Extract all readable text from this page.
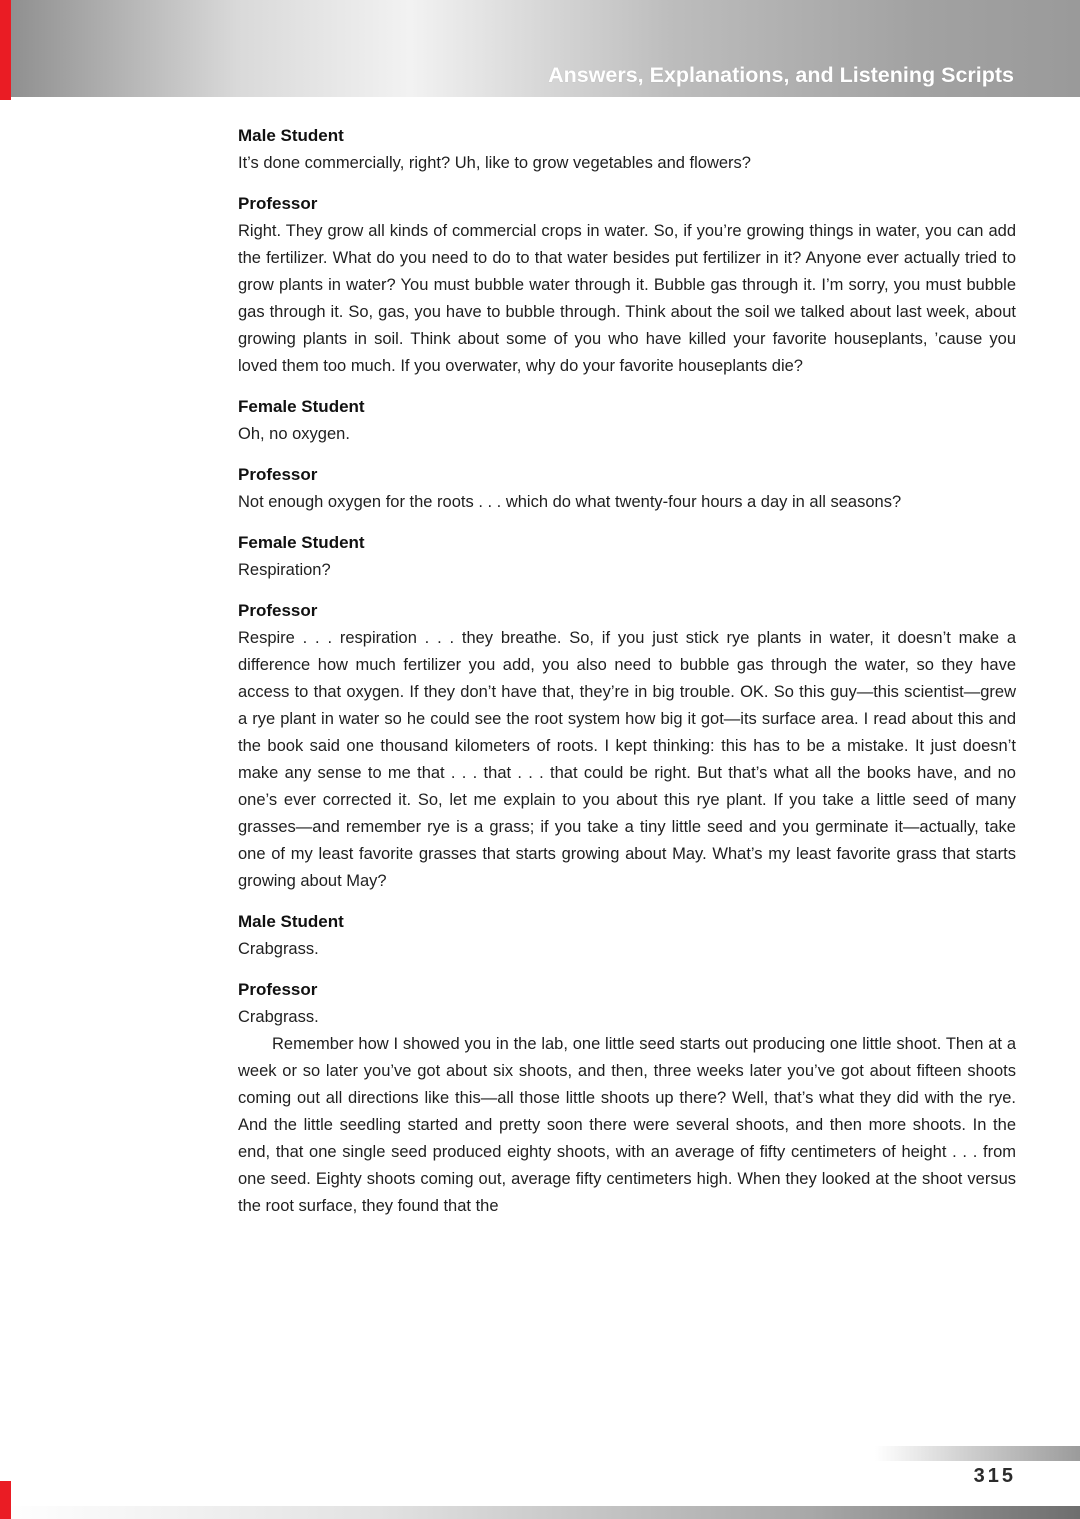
Answers, Explanations, and Listening Scripts
Male Student

It’s done commercially, right? Uh, like to grow vegetables and flowers?

Professor

Right. They grow all kinds of commercial crops in water. So, if you’re growing things in water, you can add the fertilizer. What do you need to do to that water besides put fertilizer in it? Anyone ever actually tried to grow plants in water? You must bubble water through it. Bubble gas through it. I’m sorry, you must bubble gas through it. So, gas, you have to bubble through. Think about the soil we talked about last week, about growing plants in soil. Think about some of you who have killed your favorite houseplants, ’cause you loved them too much. If you overwater, why do your favorite houseplants die?

Female Student

Oh, no oxygen.

Professor

Not enough oxygen for the roots . . . which do what twenty-four hours a day in all seasons?

Female Student

Respiration?

Professor

Respire . . . respiration . . . they breathe. So, if you just stick rye plants in water, it doesn’t make a difference how much fertilizer you add, you also need to bubble gas through the water, so they have access to that oxygen. If they don’t have that, they’re in big trouble. OK. So this guy—this scientist—grew a rye plant in water so he could see the root system how big it got—its surface area. I read about this and the book said one thousand kilometers of roots. I kept thinking: this has to be a mistake. It just doesn’t make any sense to me that . . . that . . . that could be right. But that’s what all the books have, and no one’s ever corrected it. So, let me explain to you about this rye plant. If you take a little seed of many grasses—and remember rye is a grass; if you take a tiny little seed and you germinate it—actually, take one of my least favorite grasses that starts growing about May. What’s my least favorite grass that starts growing about May?

Male Student

Crabgrass.

Professor

Crabgrass.

Remember how I showed you in the lab, one little seed starts out producing one little shoot. Then at a week or so later you’ve got about six shoots, and then, three weeks later you’ve got about fifteen shoots coming out all directions like this—all those little shoots up there? Well, that’s what they did with the rye. And the little seedling started and pretty soon there were several shoots, and then more shoots. In the end, that one single seed produced eighty shoots, with an average of fifty centimeters of height . . . from one seed. Eighty shoots coming out, average fifty centimeters high. When they looked at the shoot versus the root surface, they found that the

315
